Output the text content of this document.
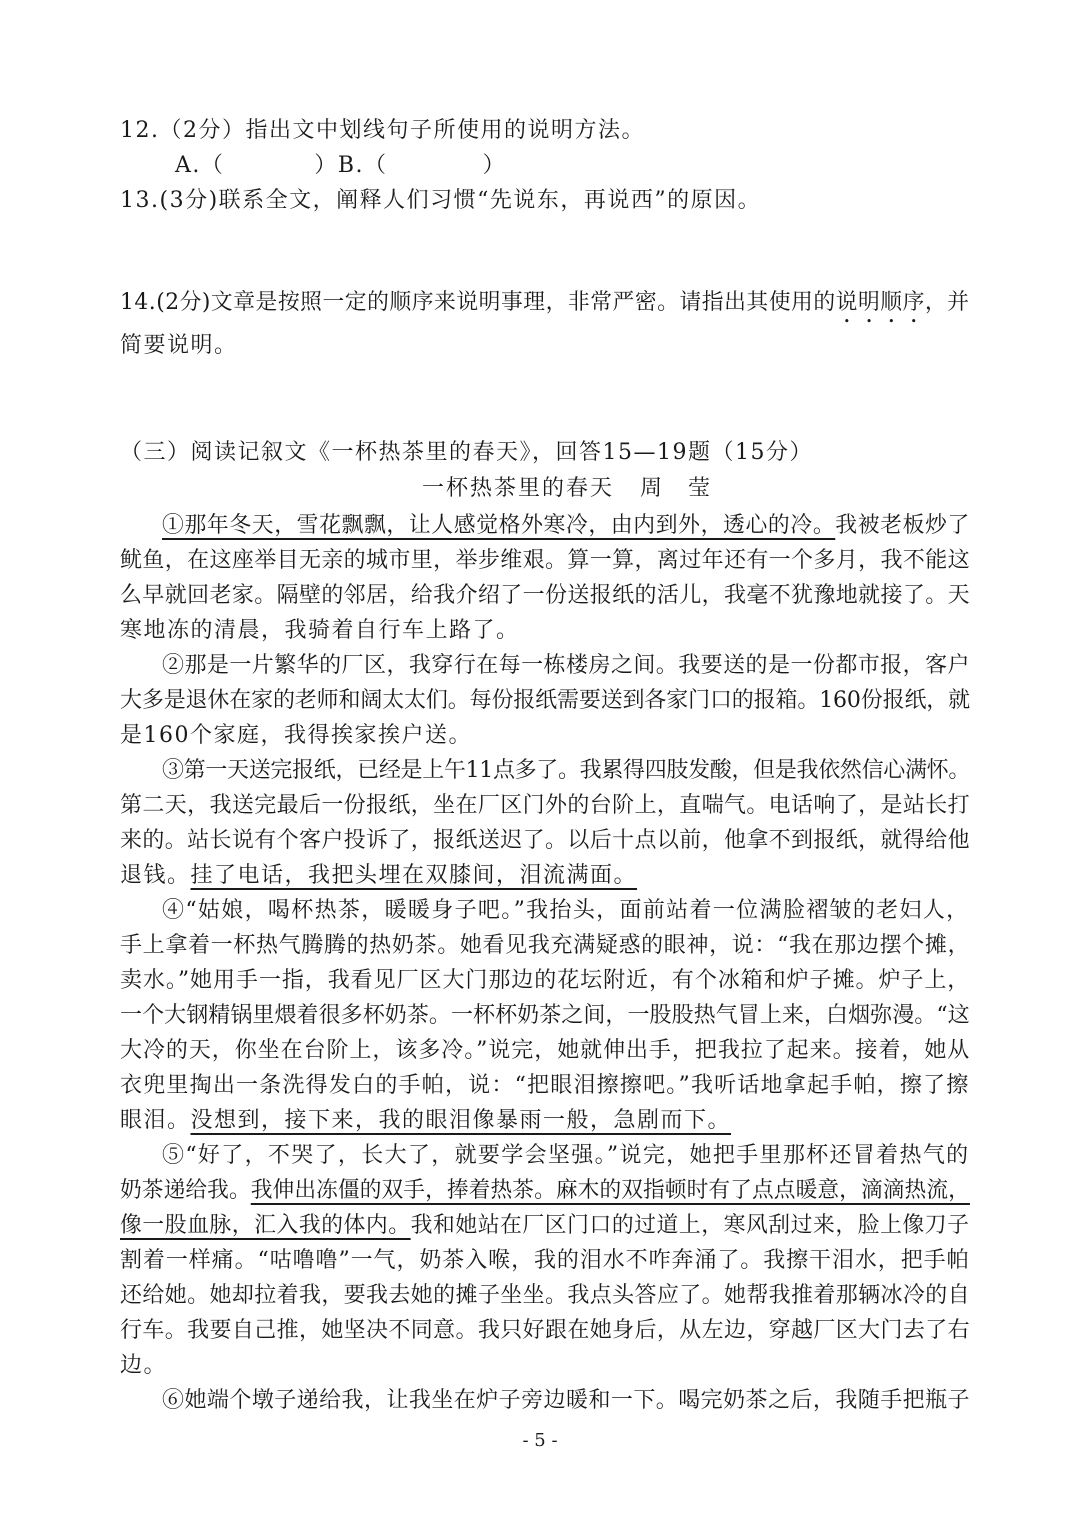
12.（2分）指出文中划线句子所使用的说明方法。
A.（	）B.（	）
13.(3分)联系全文，阐释人们习惯“先说东，再说西”的原因。
14.(2分)文章是按照一定的顺序来说明事理，非常严密。请指出其使用的说明顺序，并
简要说明。
（三）阅读记叙文《一杯热茶里的春天》，回答15—19题（15分）
一杯热茶里的春天 周　莹
①那年冬天，雪花飘飘，让人感觉格外寒冷，由内到外，透心的冷。我被老板炒了
鱿鱼，在这座举目无亲的城市里，举步维艰。算一算，离过年还有一个多月，我不能这
么早就回老家。隔壁的邻居，给我介绍了一份送报纸的活儿，我毫不犹豫地就接了。天
寒地冻的清晨，我骑着自行车上路了。
②那是一片繁华的厂区，我穿行在每一栋楼房之间。我要送的是一份都市报，客户
大多是退休在家的老师和阔太太们。每份报纸需要送到各家门口的报箱。160份报纸，就
是160个家庭，我得挨家挨户送。
③第一天送完报纸，已经是上午11点多了。我累得四肢发酸，但是我依然信心满怀。
第二天，我送完最后一份报纸，坐在厂区门外的台阶上，直喘气。电话响了，是站长打
来的。站长说有个客户投诉了，报纸送迟了。以后十点以前，他拿不到报纸，就得给他
退钱。挂了电话，我把头埋在双膝间，泪流满面。
④“姑娘，喝杯热茶，暖暖身子吧。”我抬头，面前站着一位满脸褶皱的老妇人，
手上拿着一杯热气腾腾的热奶茶。她看见我充满疑惑的眼神，说：“我在那边摆个摊，
卖水。”她用手一指，我看见厂区大门那边的花坛附近，有个冰箱和炉子摊。炉子上，
一个大钢精锅里煨着很多杯奶茶。一杯杯奶茶之间，一股股热气冒上来，白烟弥漫。“这
大冷的天，你坐在台阶上，该多冷。”说完，她就伸出手，把我拉了起来。接着，她从
衣兜里掏出一条洗得发白的手帕，说：“把眼泪擦擦吧。”我听话地拿起手帕，擦了擦
眼泪。没想到，接下来，我的眼泪像暴雨一般，急剧而下。
⑤“好了，不哭了，长大了，就要学会坚强。”说完，她把手里那杯还冒着热气的
奶茶递给我。我伸出冻僵的双手，捧着热茶。麻木的双指顿时有了点点暖意，滴滴热流，
像一股血脉，汇入我的体内。我和她站在厂区门口的过道上，寒风刮过来，脸上像刀子
割着一样痛。“咕噜噜”一气，奶茶入喉，我的泪水不咋奔涌了。我擦干泪水，把手帕
还给她。她却拉着我，要我去她的摊子坐坐。我点头答应了。她帮我推着那辆冰冷的自
行车。我要自己推，她坚决不同意。我只好跟在她身后，从左边，穿越厂区大门去了右
边。
⑥她端个墩子递给我，让我坐在炉子旁边暖和一下。喝完奶茶之后，我随手把瓶子
- 5 -
